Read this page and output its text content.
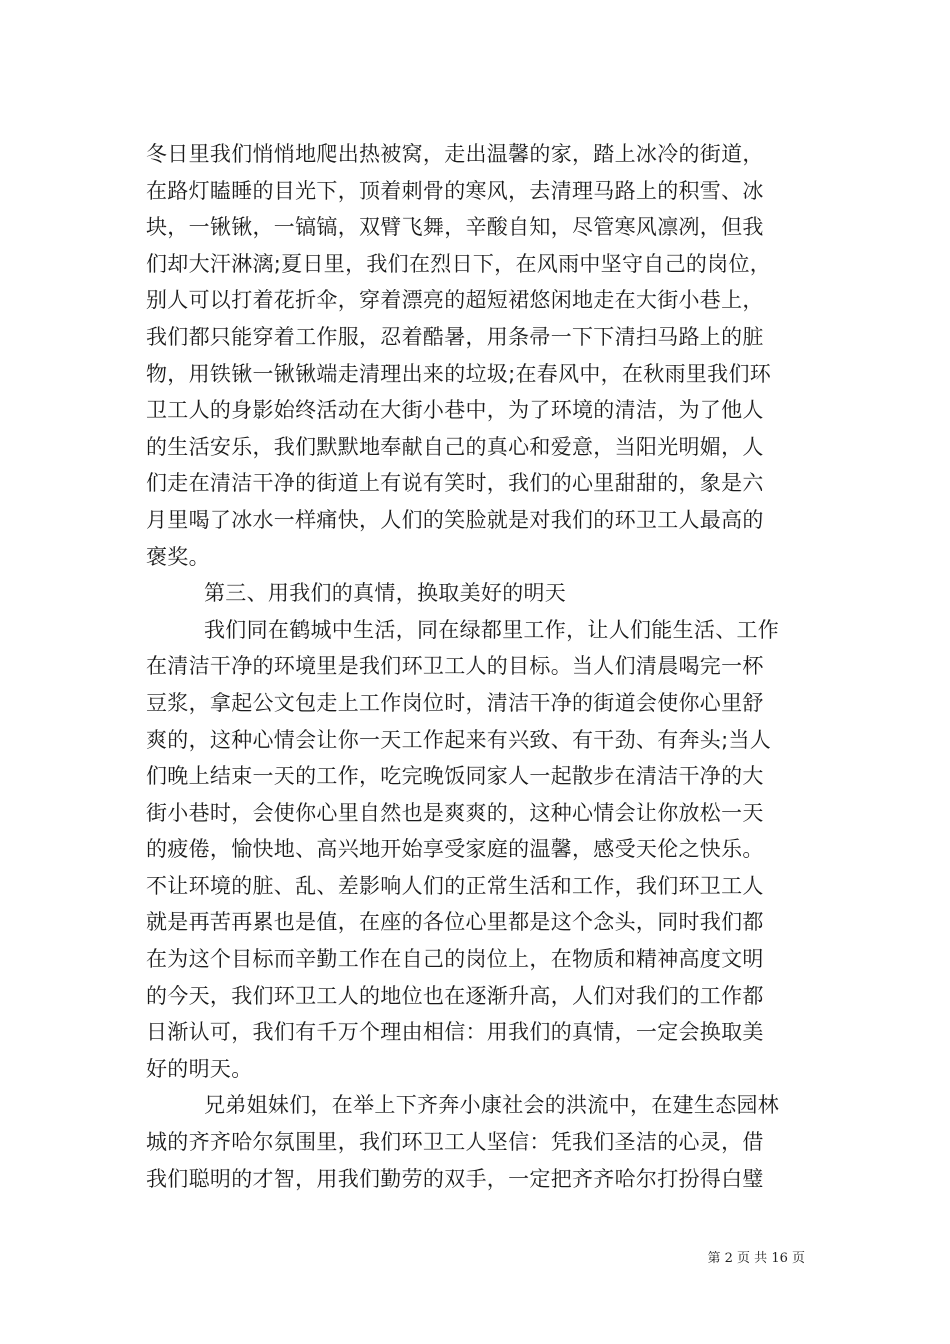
冬日里我们悄悄地爬出热被窝，走出温馨的家，踏上冰冷的街道，
在路灯瞌睡的目光下，顶着刺骨的寒风，去清理马路上的积雪、冰
块，一锹锹，一镐镐，双臂飞舞，辛酸自知，尽管寒风凛冽，但我
们却大汗淋漓;夏日里，我们在烈日下，在风雨中坚守自己的岗位，
别人可以打着花折伞，穿着漂亮的超短裙悠闲地走在大街小巷上，
我们都只能穿着工作服，忍着酷暑，用条帚一下下清扫马路上的脏
物，用铁锹一锹锹端走清理出来的垃圾;在春风中，在秋雨里我们环
卫工人的身影始终活动在大街小巷中，为了环境的清洁，为了他人
的生活安乐，我们默默地奉献自己的真心和爱意，当阳光明媚，人
们走在清洁干净的街道上有说有笑时，我们的心里甜甜的，象是六
月里喝了冰水一样痛快，人们的笑脸就是对我们的环卫工人最高的
褒奖。
第三、用我们的真情，换取美好的明天
我们同在鹤城中生活，同在绿都里工作，让人们能生活、工作
在清洁干净的环境里是我们环卫工人的目标。当人们清晨喝完一杯
豆浆，拿起公文包走上工作岗位时，清洁干净的街道会使你心里舒
爽的，这种心情会让你一天工作起来有兴致、有干劲、有奔头;当人
们晚上结束一天的工作，吃完晚饭同家人一起散步在清洁干净的大
街小巷时，会使你心里自然也是爽爽的，这种心情会让你放松一天
的疲倦，愉快地、高兴地开始享受家庭的温馨，感受天伦之快乐。
不让环境的脏、乱、差影响人们的正常生活和工作，我们环卫工人
就是再苦再累也是值，在座的各位心里都是这个念头，同时我们都
在为这个目标而辛勤工作在自己的岗位上，在物质和精神高度文明
的今天，我们环卫工人的地位也在逐渐升高，人们对我们的工作都
日渐认可，我们有千万个理由相信：用我们的真情，一定会换取美
好的明天。
兄弟姐妹们，在举上下齐奔小康社会的洪流中，在建生态园林
城的齐齐哈尔氛围里，我们环卫工人坚信：凭我们圣洁的心灵，借
我们聪明的才智，用我们勤劳的双手，一定把齐齐哈尔打扮得白璧
第 2 页 共 16 页
